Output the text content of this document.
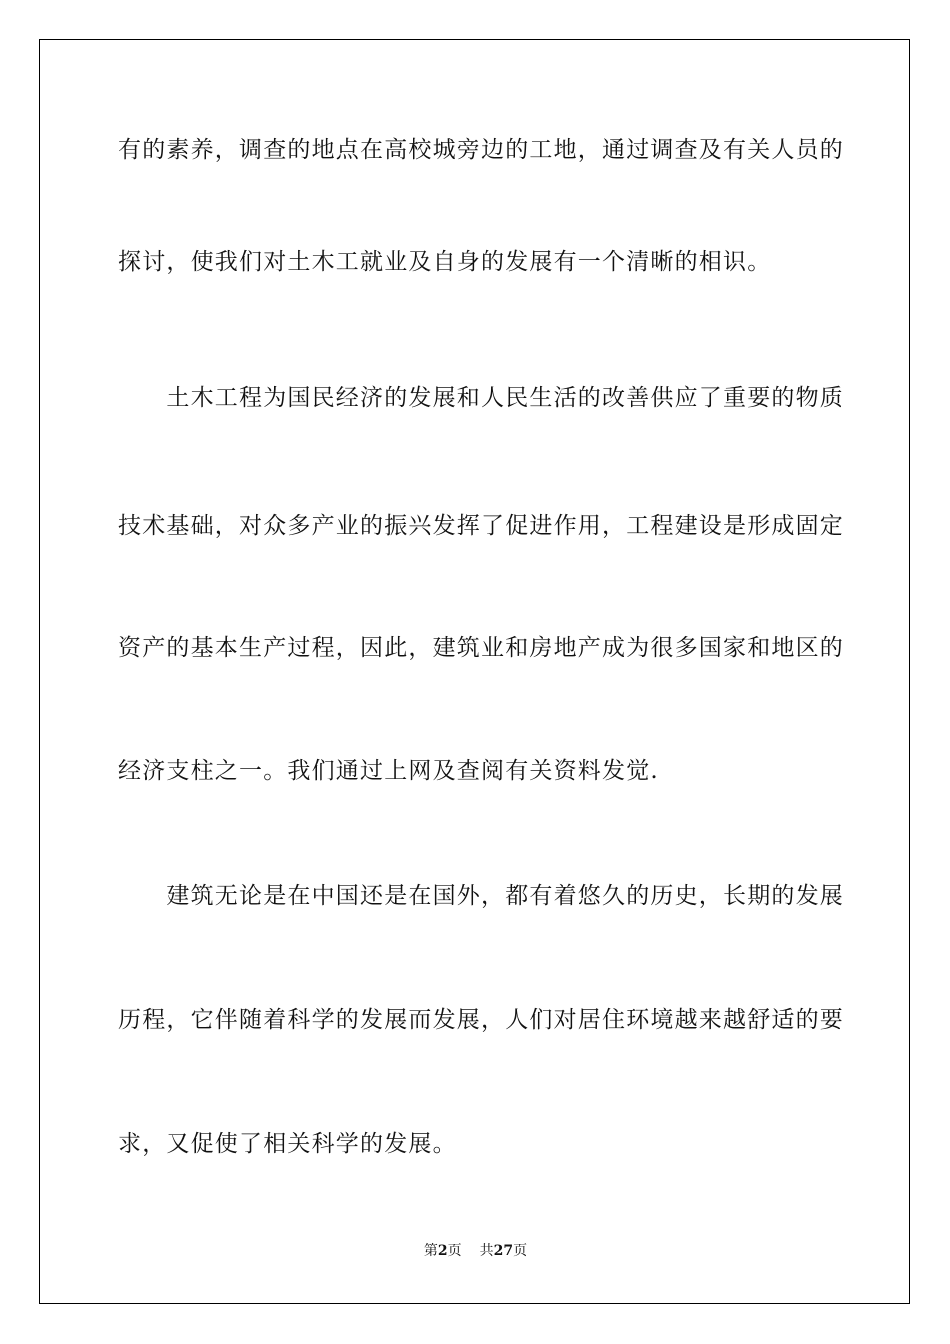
有的素养，调查的地点在高校城旁边的工地，通过调查及有关人员的

探讨，使我们对土木工就业及自身的发展有一个清晰的相识。

　　土木工程为国民经济的发展和人民生活的改善供应了重要的物质

技术基础，对众多产业的振兴发挥了促进作用，工程建设是形成固定

资产的基本生产过程，因此，建筑业和房地产成为很多国家和地区的

经济支柱之一。我们通过上网及查阅有关资料发觉.

　　建筑无论是在中国还是在国外，都有着悠久的历史，长期的发展

历程，它伴随着科学的发展而发展，人们对居住环境越来越舒适的要

求，又促使了相关科学的发展。

第2页 共27页
